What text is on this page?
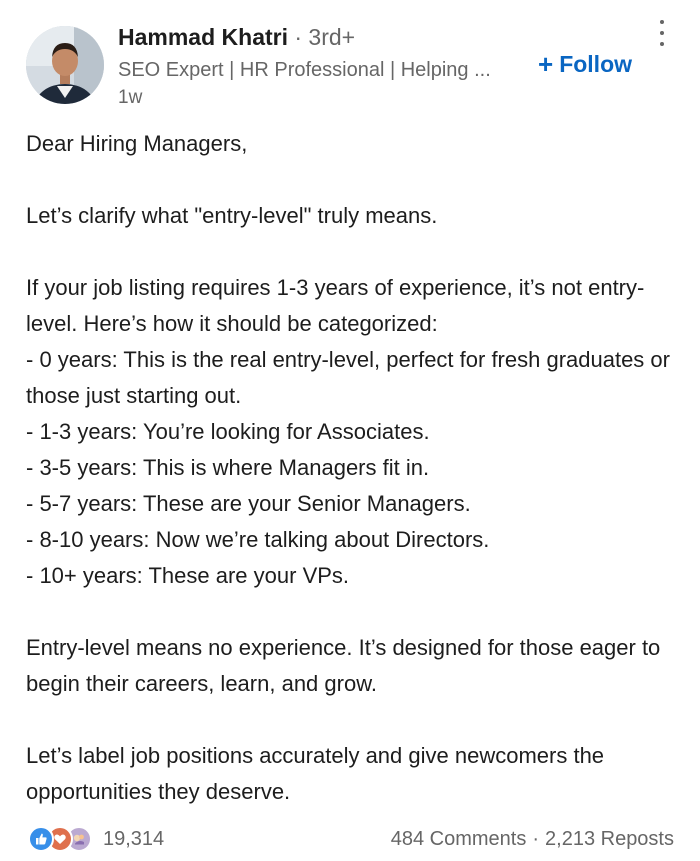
Hammad Khatri · 3rd+
SEO Expert | HR Professional | Helping ...
1w
+ Follow

Dear Hiring Managers,

Let’s clarify what "entry-level" truly means.

If your job listing requires 1-3 years of experience, it’s not entry-level. Here’s how it should be categorized:

- 0 years: This is the real entry-level, perfect for fresh graduates or those just starting out.

- 1-3 years: You’re looking for Associates.

- 3-5 years: This is where Managers fit in.

- 5-7 years: These are your Senior Managers.

- 8-10 years: Now we’re talking about Directors.

- 10+ years: These are your VPs.

Entry-level means no experience. It’s designed for those eager to begin their careers, learn, and grow.

Let’s label job positions accurately and give newcomers the opportunities they deserve.

19,314	484 Comments · 2,213 Reposts
